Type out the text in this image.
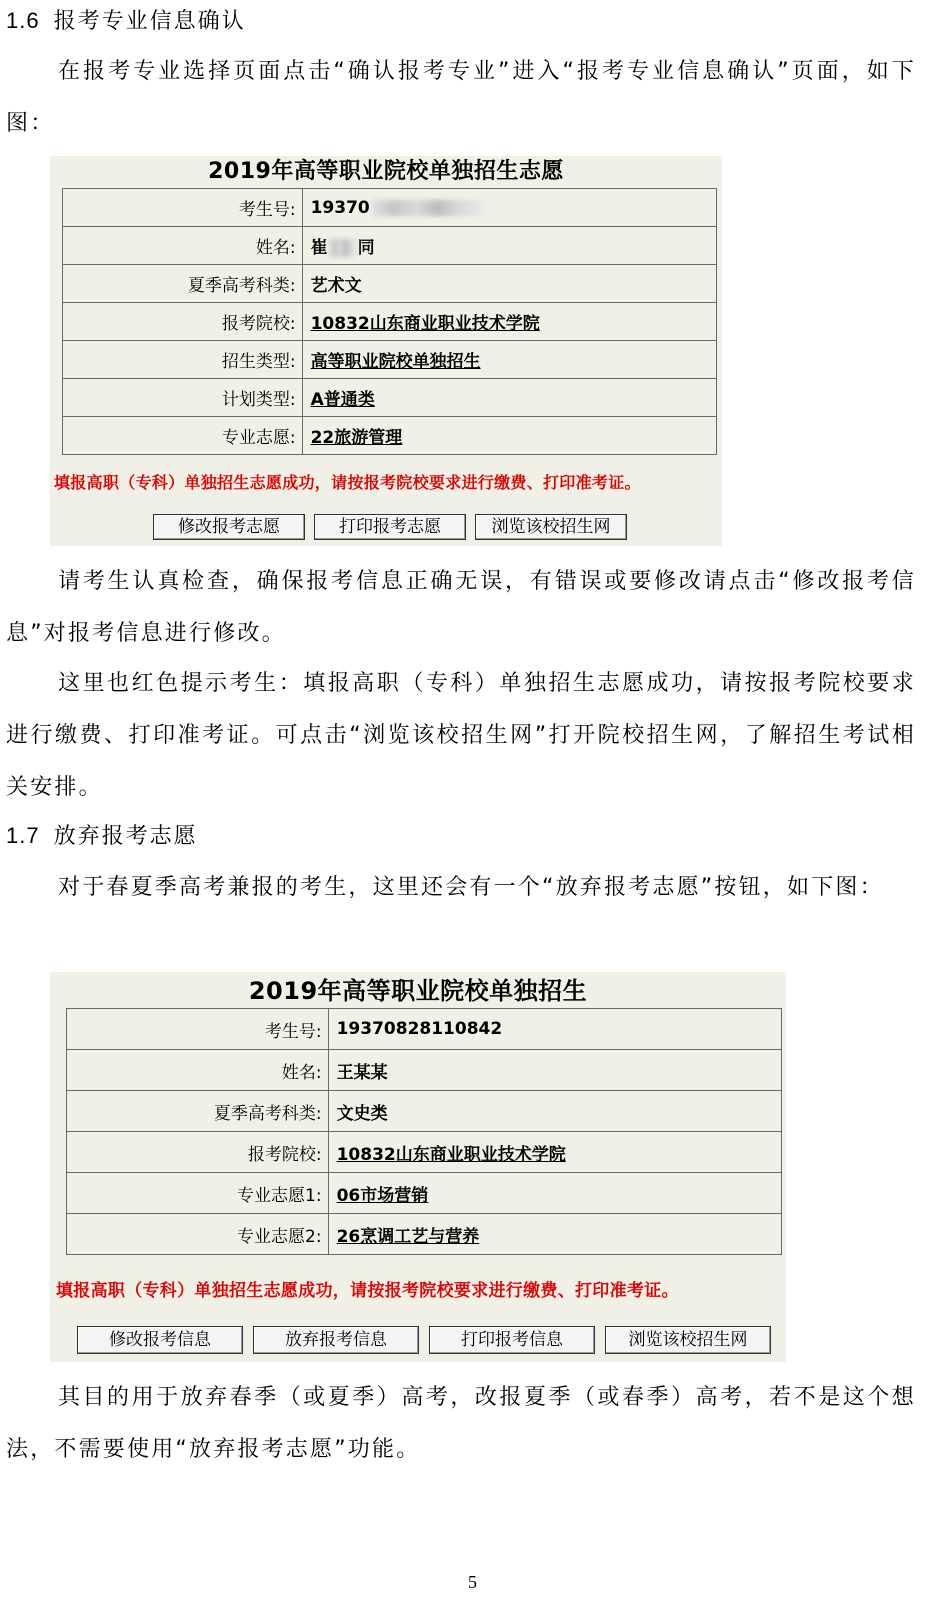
1.6 报考专业信息确认
在报考专业选择页面点击“确认报考专业”进入“报考专业信息确认”页面，如下图：
2019年高等职业院校单独招生志愿
考生号:	19370
姓名:	崔 同
夏季高考科类:	艺术文
报考院校:	10832山东商业职业技术学院
招生类型:	高等职业院校单独招生
计划类型:	A普通类
专业志愿:	22旅游管理
填报高职（专科）单独招生志愿成功，请按报考院校要求进行缴费、打印准考证。
修改报考志愿	打印报考志愿	浏览该校招生网
请考生认真检查，确保报考信息正确无误，有错误或要修改请点击“修改报考信息”对报考信息进行修改。
这里也红色提示考生：填报高职（专科）单独招生志愿成功，请按报考院校要求进行缴费、打印准考证。可点击“浏览该校招生网”打开院校招生网，了解招生考试相关安排。
1.7 放弃报考志愿
对于春夏季高考兼报的考生，这里还会有一个“放弃报考志愿”按钮，如下图：
2019年高等职业院校单独招生
考生号:	19370828110842
姓名:	王某某
夏季高考科类:	文史类
报考院校:	10832山东商业职业技术学院
专业志愿1:	06市场营销
专业志愿2:	26烹调工艺与营养
填报高职（专科）单独招生志愿成功，请按报考院校要求进行缴费、打印准考证。
修改报考信息	放弃报考信息	打印报考信息	浏览该校招生网
其目的用于放弃春季（或夏季）高考，改报夏季（或春季）高考，若不是这个想法，不需要使用“放弃报考志愿”功能。
5
